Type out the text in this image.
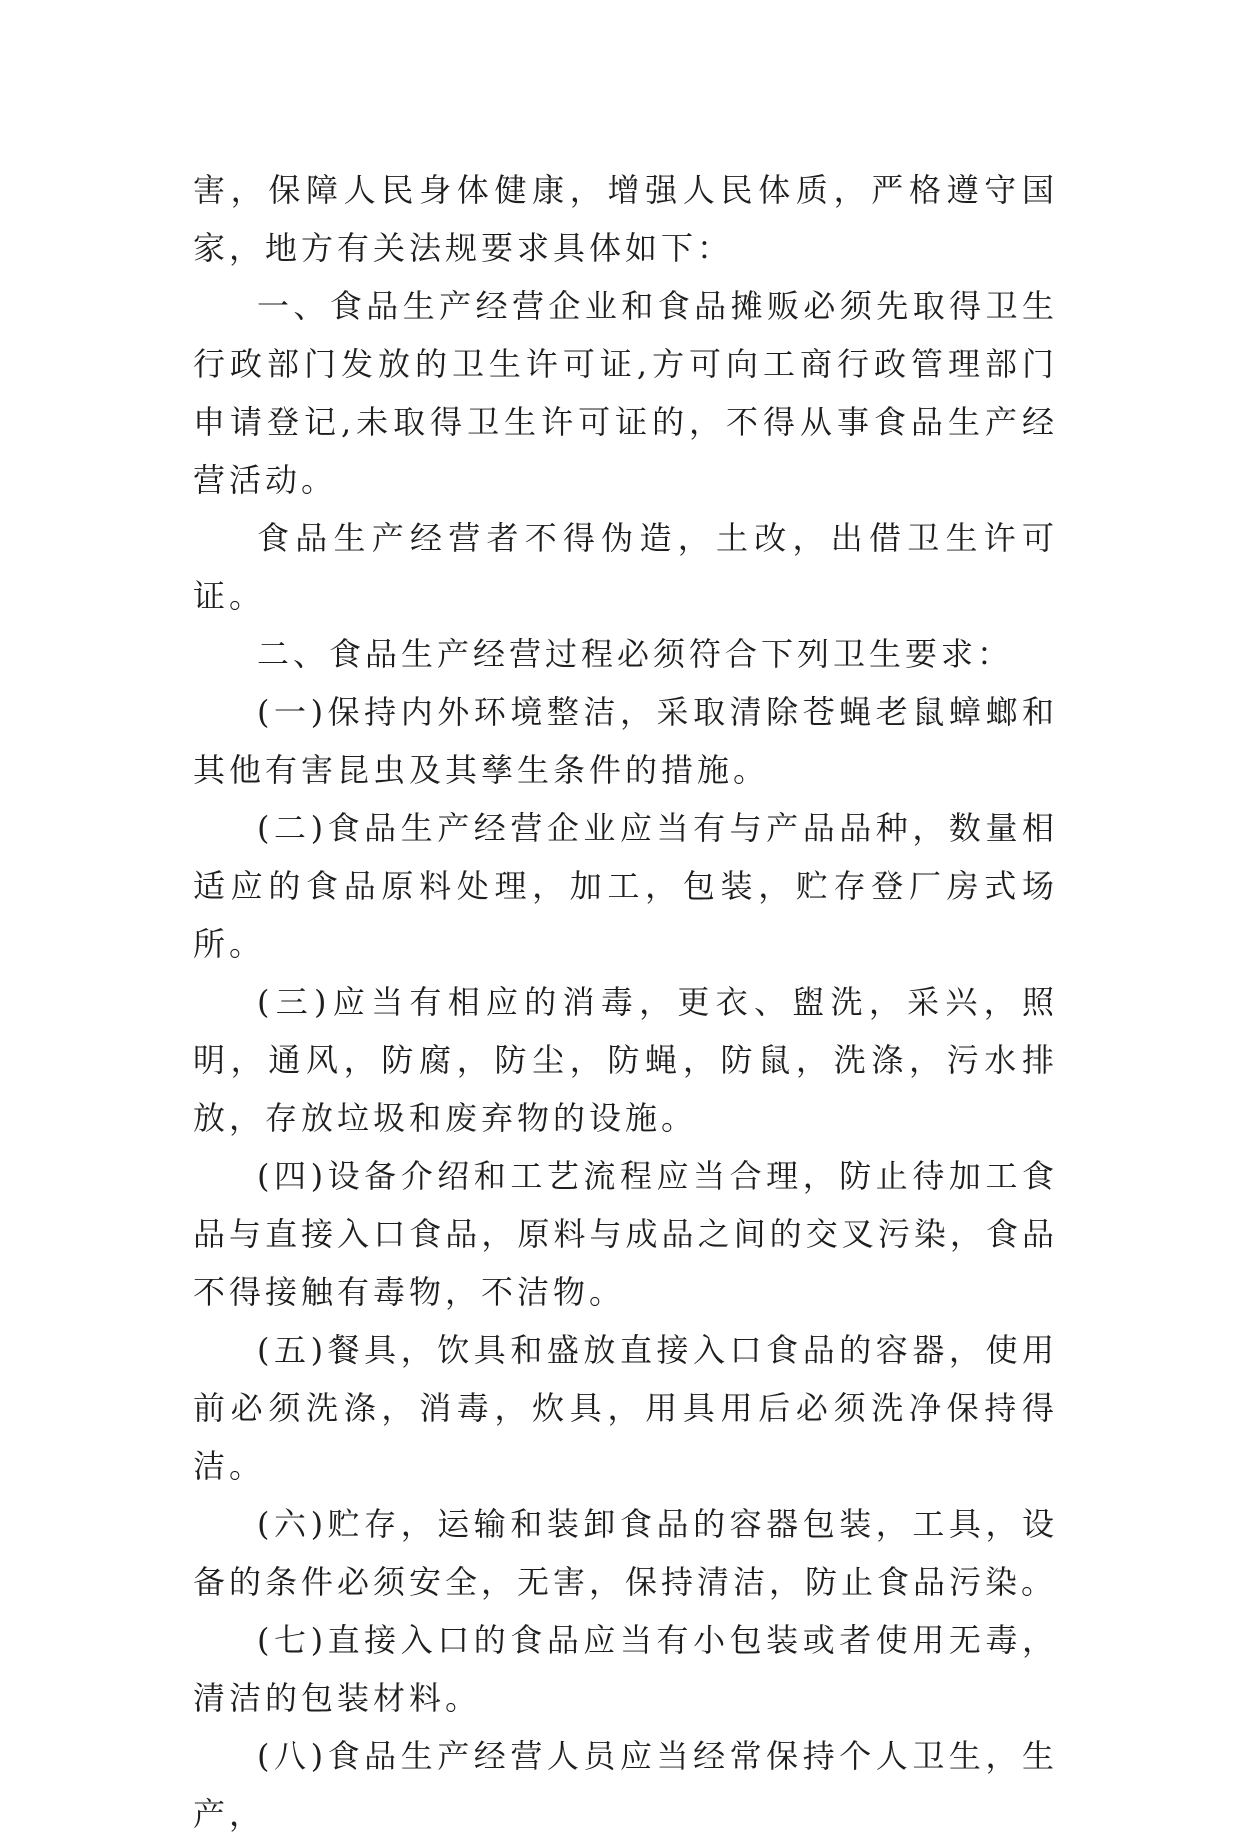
害，保障人民身体健康，增强人民体质，严格遵守国家，地方有关法规要求具体如下：

一、食品生产经营企业和食品摊贩必须先取得卫生行政部门发放的卫生许可证,方可向工商行政管理部门申请登记,未取得卫生许可证的，不得从事食品生产经营活动。

食品生产经营者不得伪造，土改，出借卫生许可证。

二、食品生产经营过程必须符合下列卫生要求：

(一)保持内外环境整洁，采取清除苍蝇老鼠蟑螂和其他有害昆虫及其孳生条件的措施。

(二)食品生产经营企业应当有与产品品种，数量相适应的食品原料处理，加工，包装，贮存登厂房式场所。

(三)应当有相应的消毒，更衣、盥洗，采兴，照明，通风，防腐，防尘，防蝇，防鼠，洗涤，污水排放，存放垃圾和废弃物的设施。

(四)设备介绍和工艺流程应当合理，防止待加工食品与直接入口食品，原料与成品之间的交叉污染，食品不得接触有毒物，不洁物。

(五)餐具，饮具和盛放直接入口食品的容器，使用前必须洗涤，消毒，炊具，用具用后必须洗净保持得洁。

(六)贮存，运输和装卸食品的容器包装，工具，设备的条件必须安全，无害，保持清洁，防止食品污染。

(七)直接入口的食品应当有小包装或者使用无毒，清洁的包装材料。

(八)食品生产经营人员应当经常保持个人卫生，生产，
